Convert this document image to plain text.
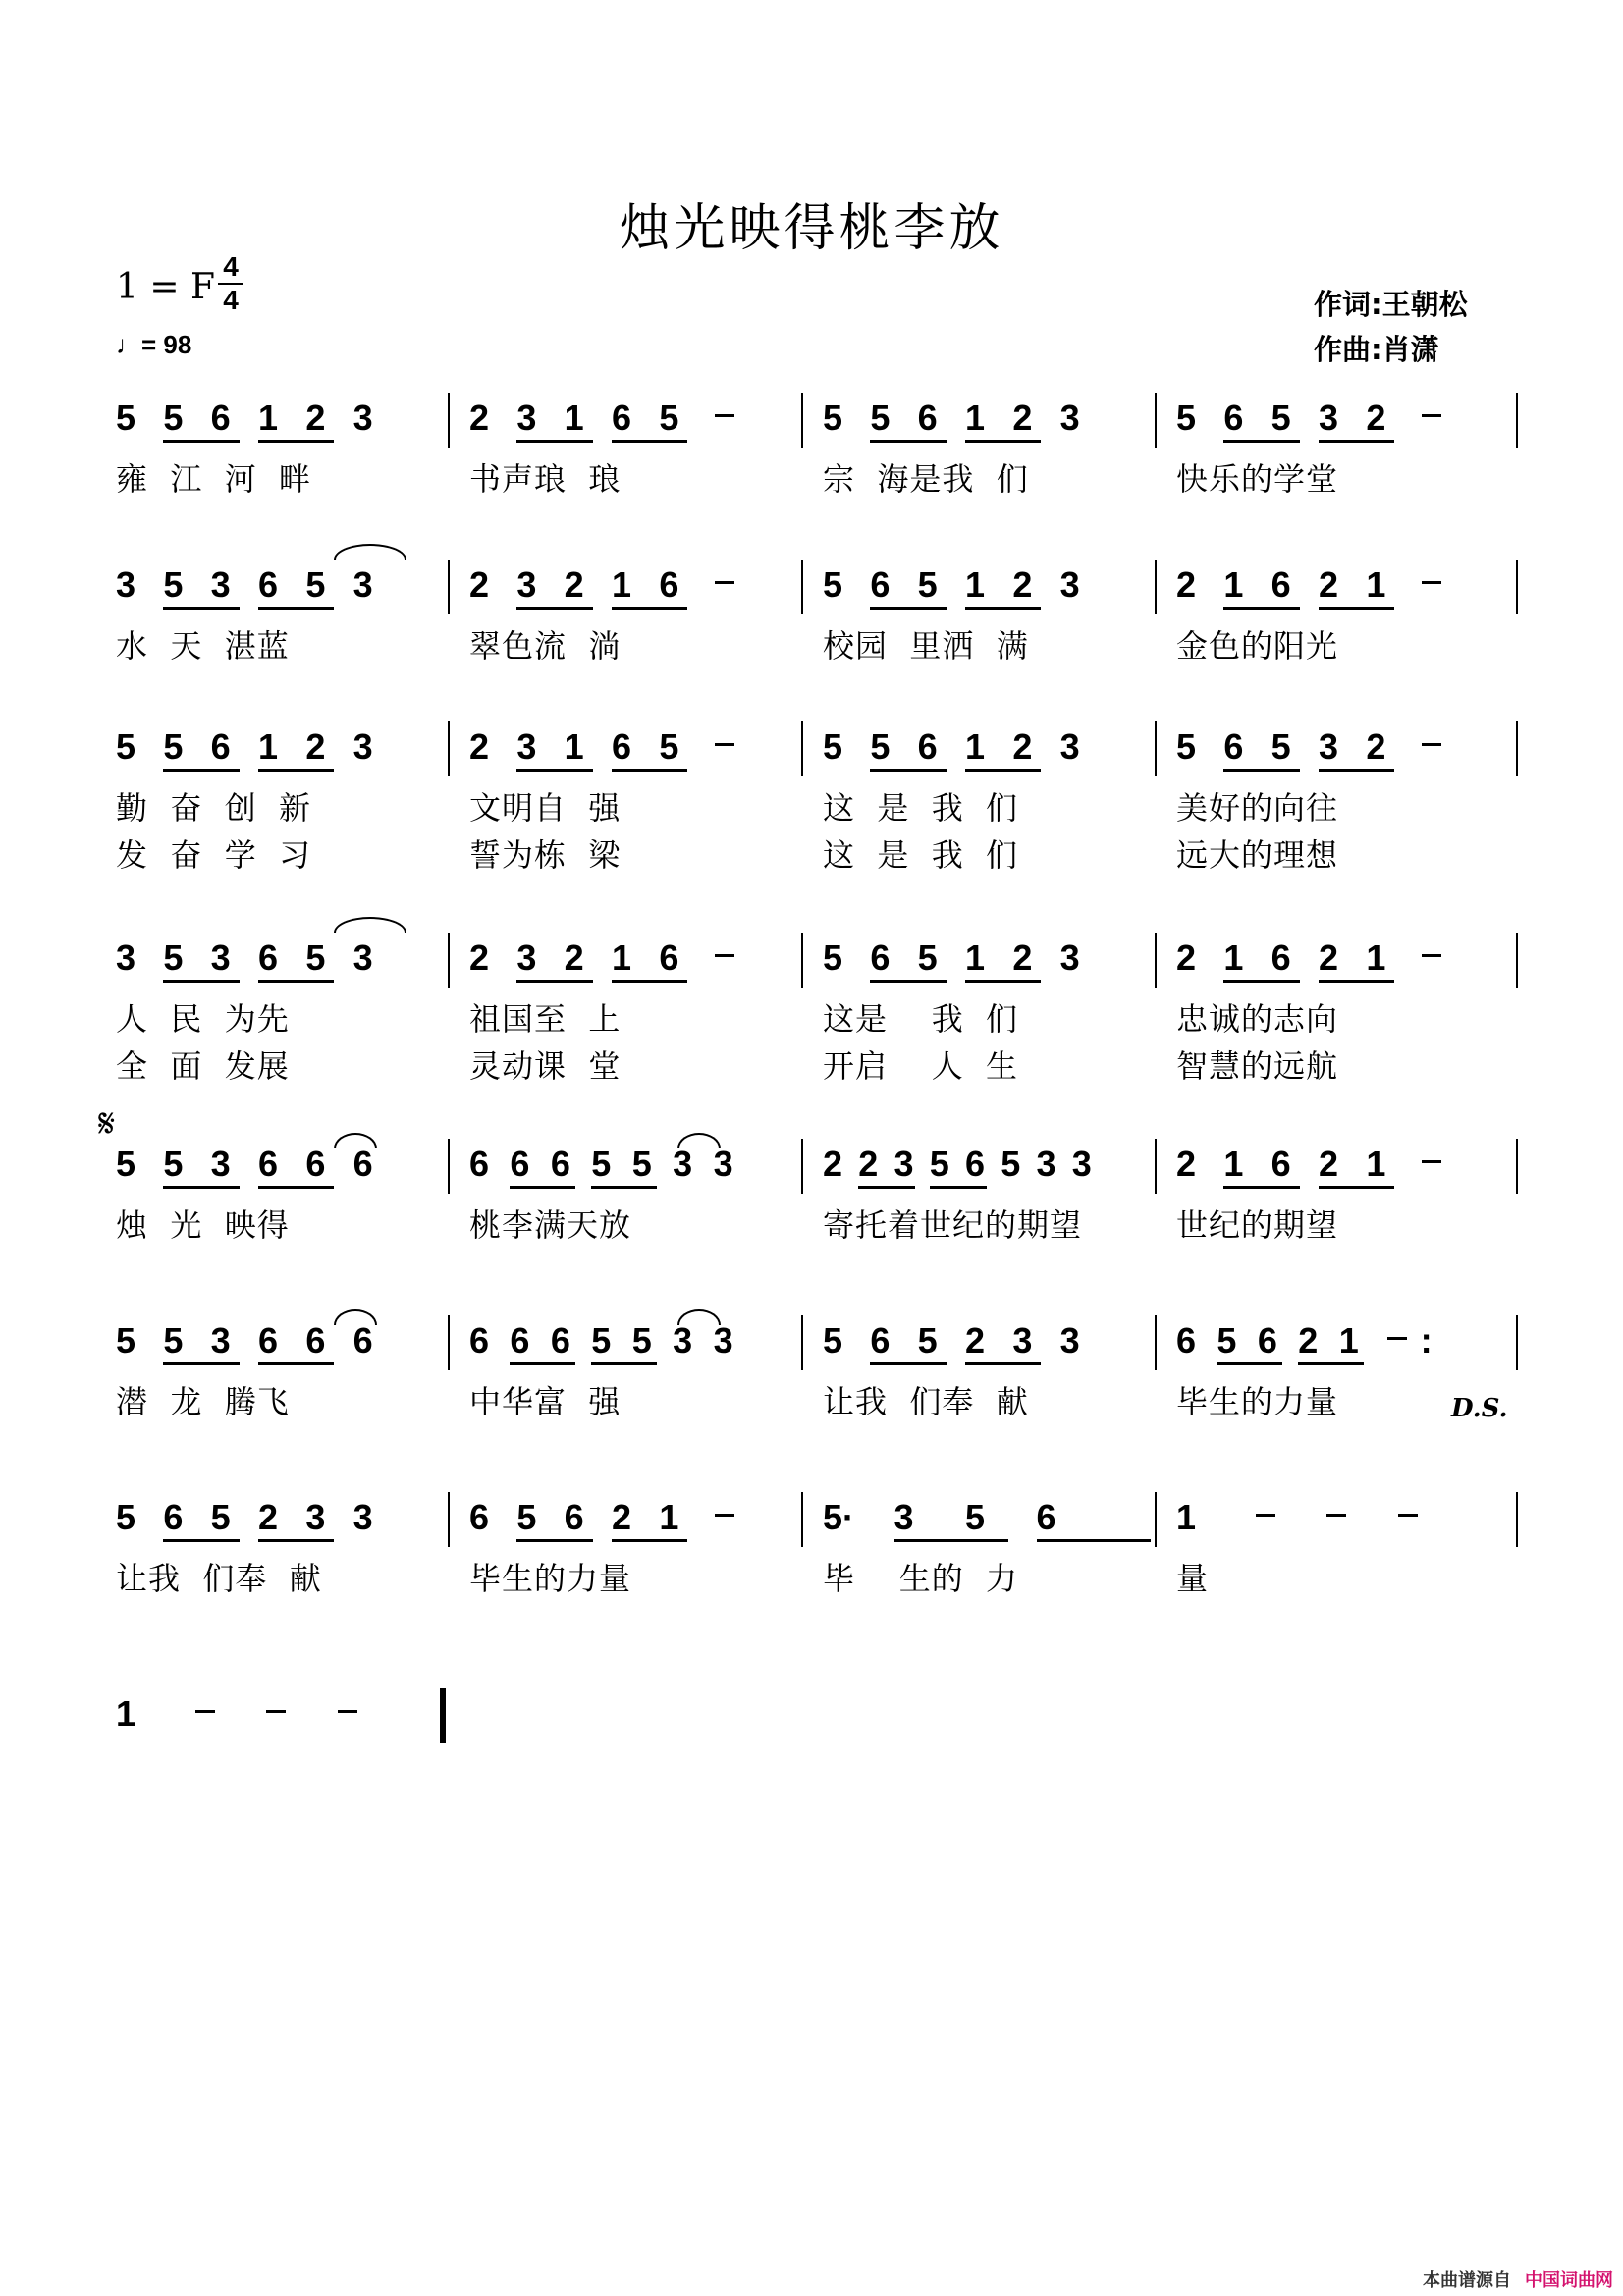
烛光映得桃李放
1 = F
4
4
♩= 98
作词:王朝松
作曲:肖潇
𝄋
D.S.
5 5 6 1 2 3
雍  江  河  畔
2 3 1 6 5
书声琅  琅
5 5 6 1 2 3
宗  海是我  们
5 6 5 3 2
快乐的学堂
3 5 3 6 5 3
水  天  湛蓝
2 3 2 1 6
翠色流  淌
5 6 5 1 2 3
校园  里洒  满
2 1 6 2 1
金色的阳光
5 5 6 1 2 3
勤  奋  创  新
发  奋  学  习
2 3 1 6 5
文明自  强
誓为栋  梁
5 5 6 1 2 3
这  是  我  们
这  是  我  们
5 6 5 3 2
美好的向往
远大的理想
3 5 3 6 5 3
人  民  为先
全  面  发展
2 3 2 1 6
祖国至  上
灵动课  堂
5 6 5 1 2 3
这是    我  们
开启    人  生
2 1 6 2 1
忠诚的志向
智慧的远航
5 5 3 6 6 6
烛  光  映得
6 6 6 5 5 3 3
桃李满天放
2 2 3 5 6 5 3 3
寄托着世纪的期望
2 1 6 2 1
世纪的期望
5 5 3 6 6 6
潜  龙  腾飞
6 6 6 5 5 3 3
中华富  强
5 6 5 2 3 3
让我  们奉  献
6 5 6 2 1 :
毕生的力量
5 6 5 2 3 3
让我  们奉  献
6 5 6 2 1
毕生的力量
5· 3 5 6
毕    生的  力
1
量
1
本曲谱源自 中国词曲网
